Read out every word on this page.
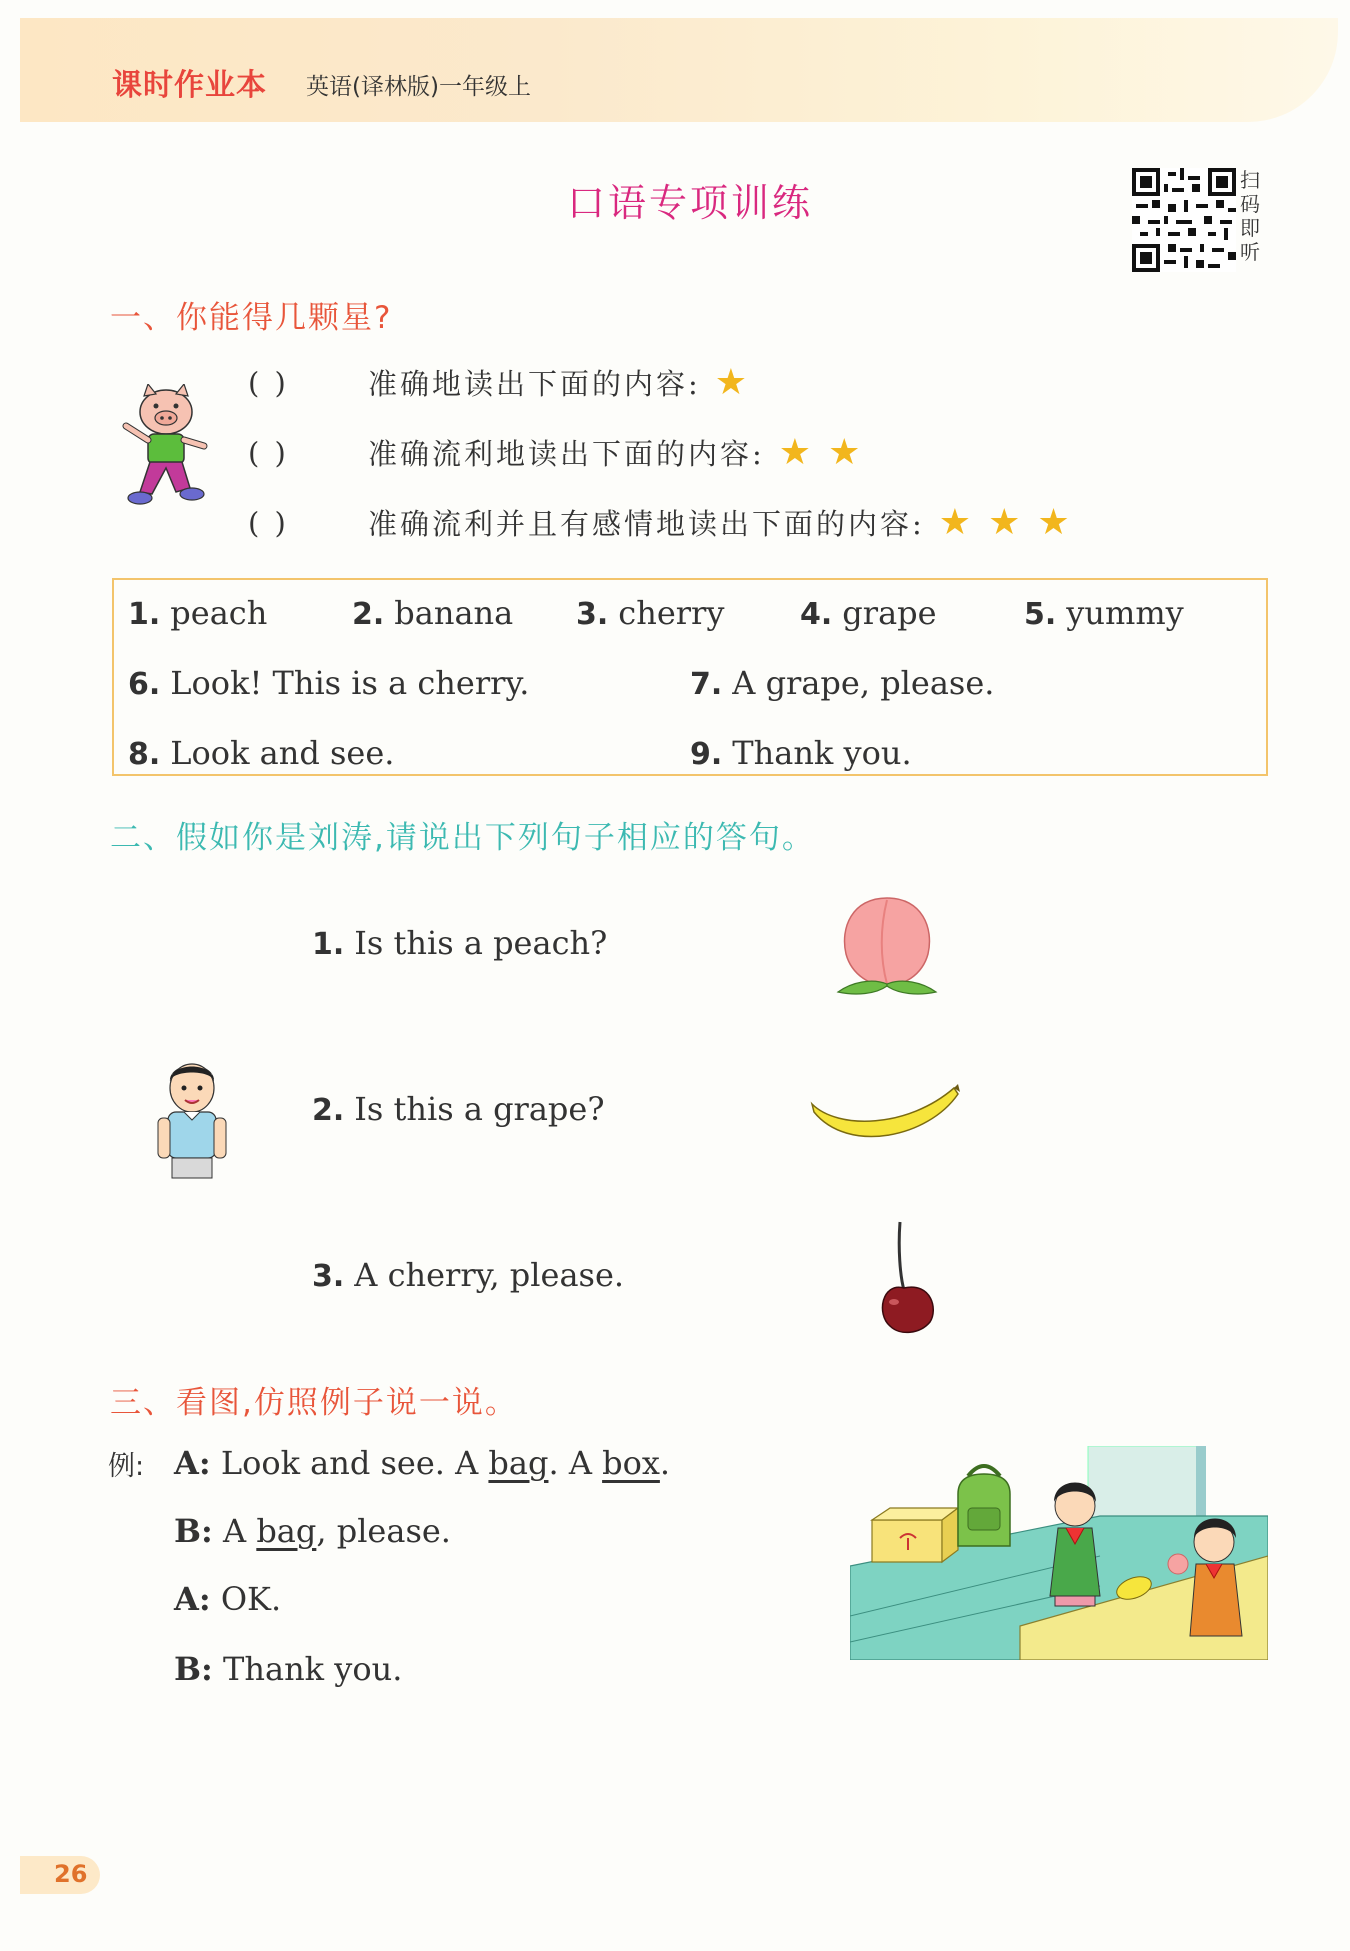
课时作业本 英语(译林版)一年级上
口语专项训练
扫
码
即
听
一、你能得几颗星?
( )	准确地读出下面的内容: ★
( )	准确流利地读出下面的内容: ★ ★
( )	准确流利并且有感情地读出下面的内容: ★ ★ ★
1. peach	2. banana 3. cherry	4. grape	5. yummy
6. Look! This is a cherry.	7. A grape, please.
8. Look and see.	9. Thank you.
二、假如你是刘涛,请说出下列句子相应的答句。
1. Is this a peach?
2. Is this a grape?
3. A cherry, please.
三、看图,仿照例子说一说。
例: A: Look and see. A bag. A box.
B: A bag, please.
A: OK.
B: Thank you.
26
